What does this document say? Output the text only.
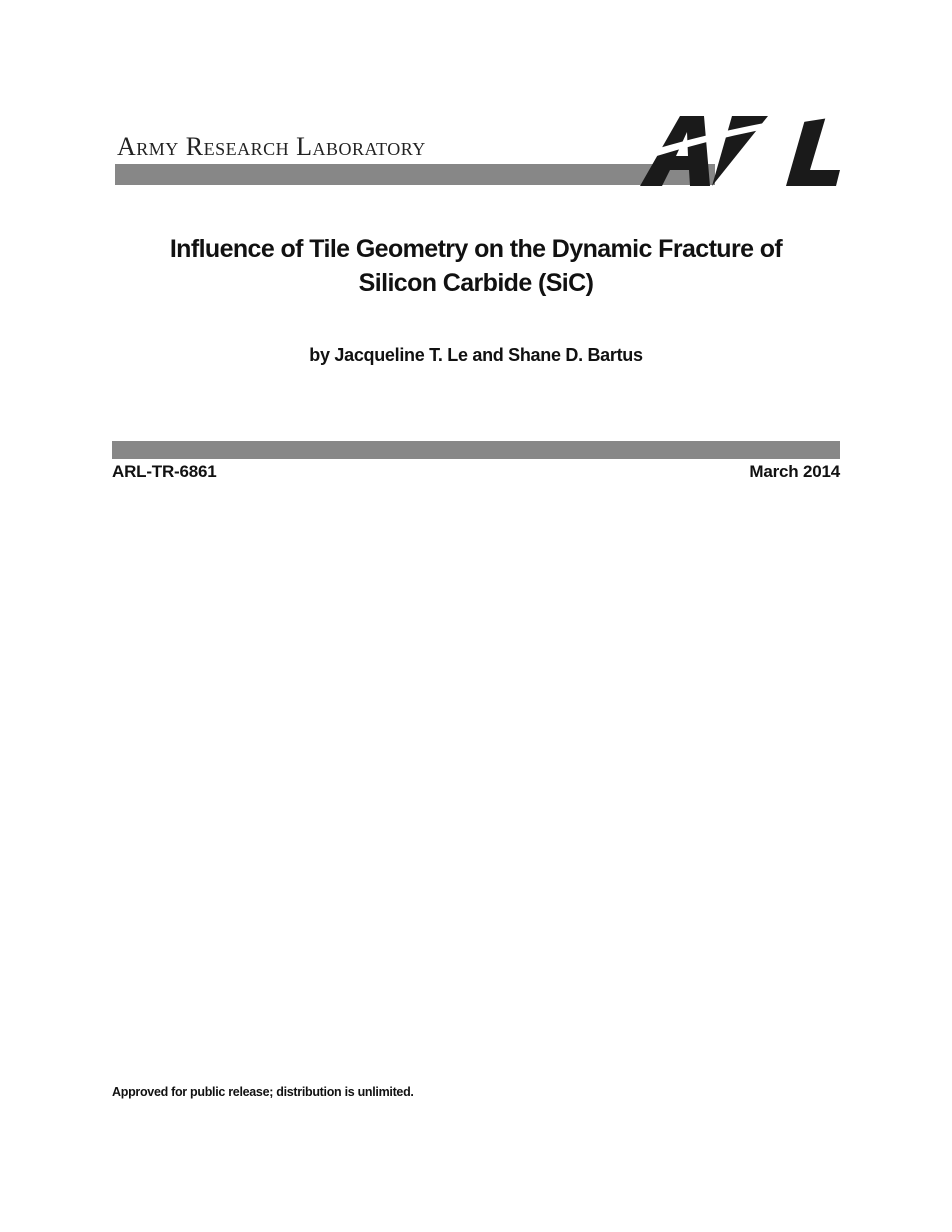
Army Research Laboratory
Influence of Tile Geometry on the Dynamic Fracture of
Silicon Carbide (SiC)
by Jacqueline T. Le and Shane D. Bartus
ARL-TR-6861	March 2014
Approved for public release; distribution is unlimited.
